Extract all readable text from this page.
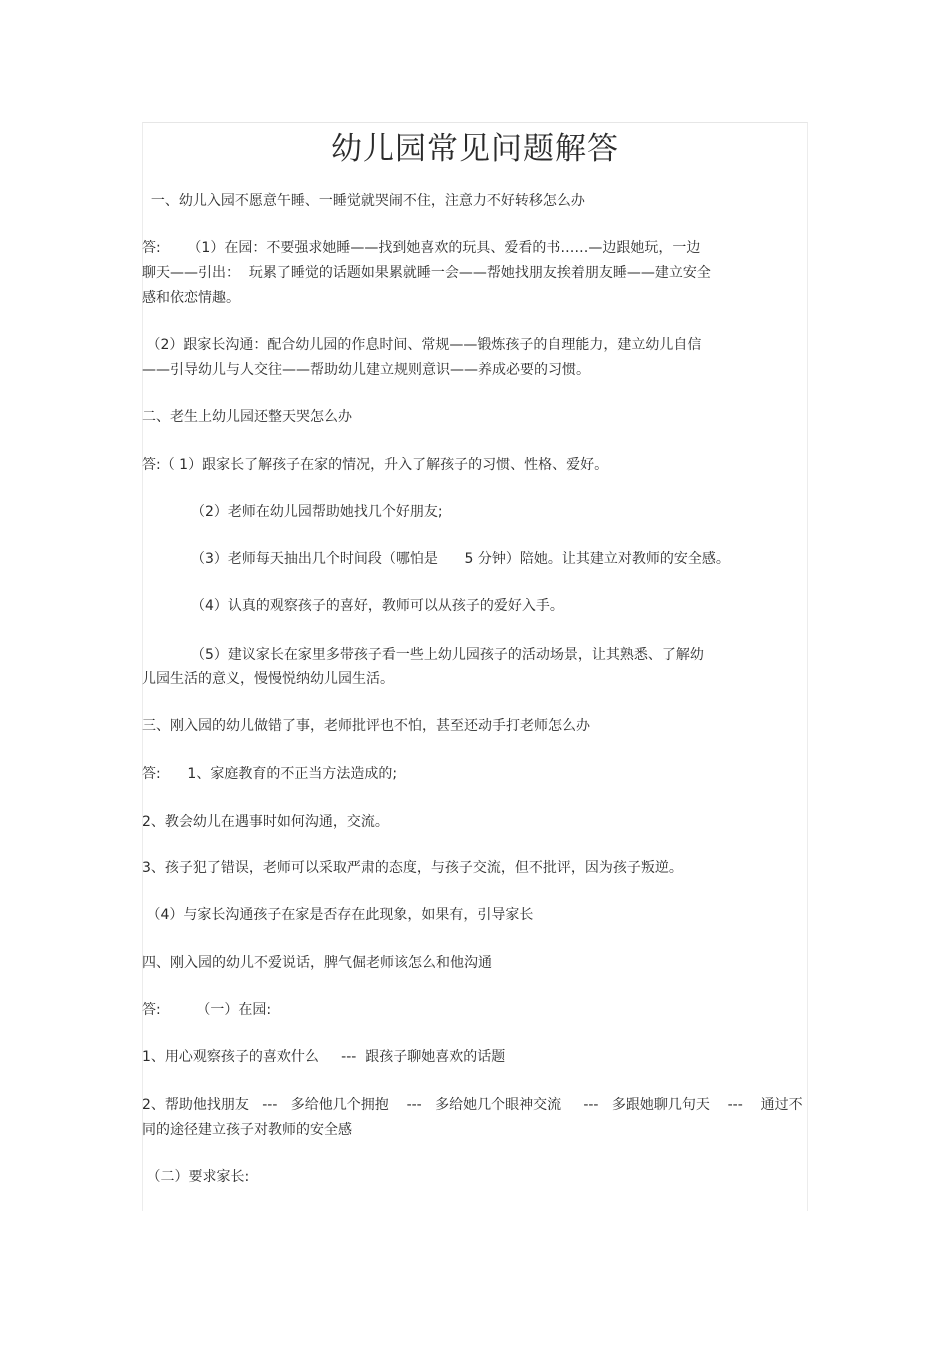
幼儿园常见问题解答
一、幼儿入园不愿意午睡、一睡觉就哭闹不住，注意力不好转移怎么办
答:      （1）在园：不要强求她睡——找到她喜欢的玩具、爱看的书……—边跟她玩，一边
聊天——引出：  玩累了睡觉的话题如果累就睡一会——帮她找朋友挨着朋友睡——建立安全
感和依恋情趣。
（2）跟家长沟通：配合幼儿园的作息时间、常规——锻炼孩子的自理能力，建立幼儿自信
——引导幼儿与人交往——帮助幼儿建立规则意识——养成必要的习惯。
二、老生上幼儿园还整天哭怎么办
答:（ 1）跟家长了解孩子在家的情况，升入了解孩子的习惯、性格、爱好。
（2）老师在幼儿园帮助她找几个好朋友;
（3）老师每天抽出几个时间段（哪怕是      5 分钟）陪她。让其建立对教师的安全感。
（4）认真的观察孩子的喜好，教师可以从孩子的爱好入手。
（5）建议家长在家里多带孩子看一些上幼儿园孩子的活动场景，让其熟悉、了解幼
儿园生活的意义，慢慢悦纳幼儿园生活。
三、刚入园的幼儿做错了事，老师批评也不怕，甚至还动手打老师怎么办
答:      1、家庭教育的不正当方法造成的;
2、教会幼儿在遇事时如何沟通，交流。
3、孩子犯了错误，老师可以采取严肃的态度，与孩子交流，但不批评，因为孩子叛逆。
（4）与家长沟通孩子在家是否存在此现象，如果有，引导家长
四、刚入园的幼儿不爱说话，脾气倔老师该怎么和他沟通
答:        （一）在园:
1、用心观察孩子的喜欢什么     ---  跟孩子聊她喜欢的话题
2、帮助他找朋友   ---   多给他几个拥抱    ---   多给她几个眼神交流     ---   多跟她聊几句天    ---    通过不
同的途径建立孩子对教师的安全感
（二）要求家长:
